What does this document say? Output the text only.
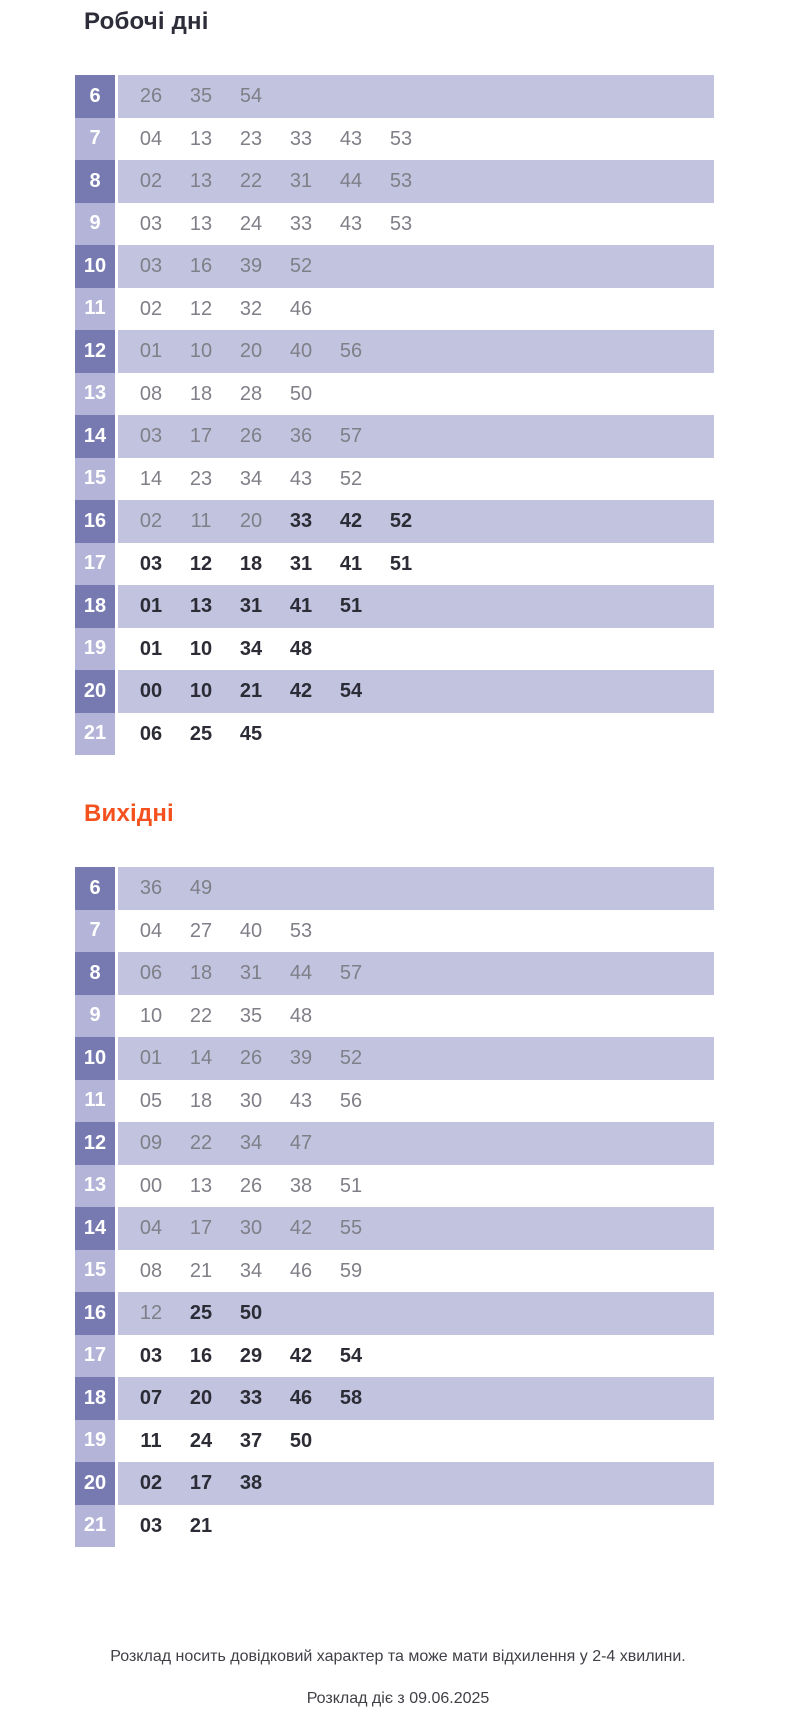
Робочі дні
6	26	35	54
7	04	13	23	33	43	53
8	02	13	22	31	44	53
9	03	13	24	33	43	53
10	03	16	39	52
11	02	12	32	46
12	01	10	20	40	56
13	08	18	28	50
14	03	17	26	36	57
15	14	23	34	43	52
16	02	11	20	33	42	52
17	03	12	18	31	41	51
18	01	13	31	41	51
19	01	10	34	48
20	00	10	21	42	54
21	06	25	45
Вихідні
6	36	49
7	04	27	40	53
8	06	18	31	44	57
9	10	22	35	48
10	01	14	26	39	52
11	05	18	30	43	56
12	09	22	34	47
13	00	13	26	38	51
14	04	17	30	42	55
15	08	21	34	46	59
16	12	25	50
17	03	16	29	42	54
18	07	20	33	46	58
19	11	24	37	50
20	02	17	38
21	03	21

Розклад носить довідковий характер та може мати відхилення у 2-4 хвилини.

Розклад діє з 09.06.2025
